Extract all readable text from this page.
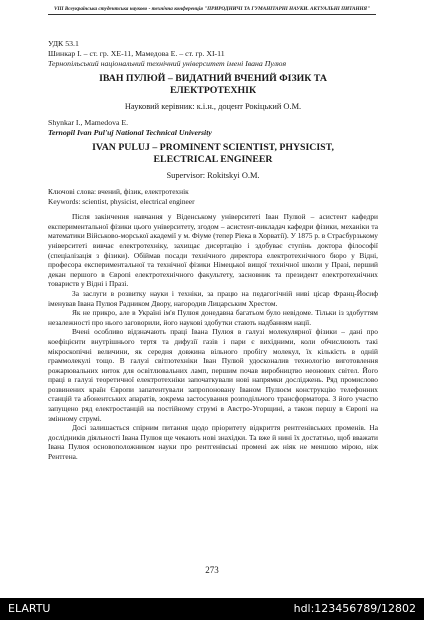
VIII Всеукраїнська студентська науково - технічна конференція "ПРИРОДНИЧІ ТА ГУМАНІТАРНІ НАУКИ. АКТУАЛЬНІ ПИТАННЯ"
УДК 53.1
Шинкар І. – ст. гр. ХЕ-11, Мамедова Е. – ст. гр. ХІ-11
Тернопільський національний технічний університет імені Івана Пулюя
ІВАН ПУЛЮЙ – ВИДАТНИЙ ВЧЕНИЙ ФІЗИК ТА
ЕЛЕКТРОТЕХНІК
Науковий керівник: к.і.н., доцент Рокіцький О.М.
Shynkar I., Mamedova E.
Ternopil Ivan Pul'uj National Technical University
IVAN PULUJ – PROMINENT SCIENTIST, PHYSICIST,
ELECTRICAL ENGINEER
Supervisor: Rokitskyi O.M.
Ключові слова: вчений, фізик, електротехнік
Keywords: scientist, physicist, electrical engineer

Після закінчення навчання у Віденському університеті Іван Пулюй – асистент кафедри експериментальної фізики цього університету, згодом – асистент-викладач кафедри фізики, механіки та математики Військово-морської академії у м. Фіуме (тепер Ріека в Хорватії). У 1875 р. в Страсбурзькому університеті вивчає електротехніку, захищає дисертацію і здобуває ступінь доктора філософії (спеціалізація з фізики). Обіймав посади технічного директора електротехнічного бюро у Відні, професора експериментальної та технічної фізики Німецької вищої технічної школи у Празі, перший декан першого в Європі електротехнічного факультету, засновник та президент електротехнічних товариств у Відні і Празі.

За заслуги в розвитку науки і техніки, за працю на педагогічній ниві цісар Франц-Йосиф іменував Івана Пулюя Радником Двору, нагородив Лицарським Хрестом.

Як не прикро, але в Україні ім'я Пулюя донедавна багатьом було невідоме. Тільки із здобуттям незалежності про нього заговорили, його наукові здобутки стають надбанням нації.

Вчені особливо відзначають праці Івана Пулюя в галузі молекулярної фізики – дані про коефіцієнти внутрішнього тертя та дифузії газів і пари є вихідними, коли обчислюють такі мікроскопічні величини, як середня довжина вільного пробігу молекул, їх кількість в одній граммолекулі тощо. В галузі світлотехніки Іван Пулюй удосконалив технологію виготовлення рожарювальних ниток для освітлювальних ламп, першим почав виробництво неонових світел. Його праці в галузі теоретичної електротехніки започаткували нові напрямки досліджень. Ряд промислово розвинених країн Європи запатентували запропоновану Іваном Пулюєм конструкцію телефонних станцій та абонентських апаратів, зокрема застосування розподільчого трансформатора. З його участю запущено ряд електростанцій на постійному струмі в Австро-Угорщині, а також першу в Європі на змінному струмі.

Досі залишається спірним питання щодо пріоритету відкриття рентгенівських променів. На дослідників діяльності Івана Пулюя ще чекають нові знахідки. Та вже й нині їх достатньо, щоб вважати Івана Пулюя основоположником науки про рентгенівські промені аж ніяк не меншою мірою, ніж Рентгена.

273
ELARTU	hdl:123456789/12802
